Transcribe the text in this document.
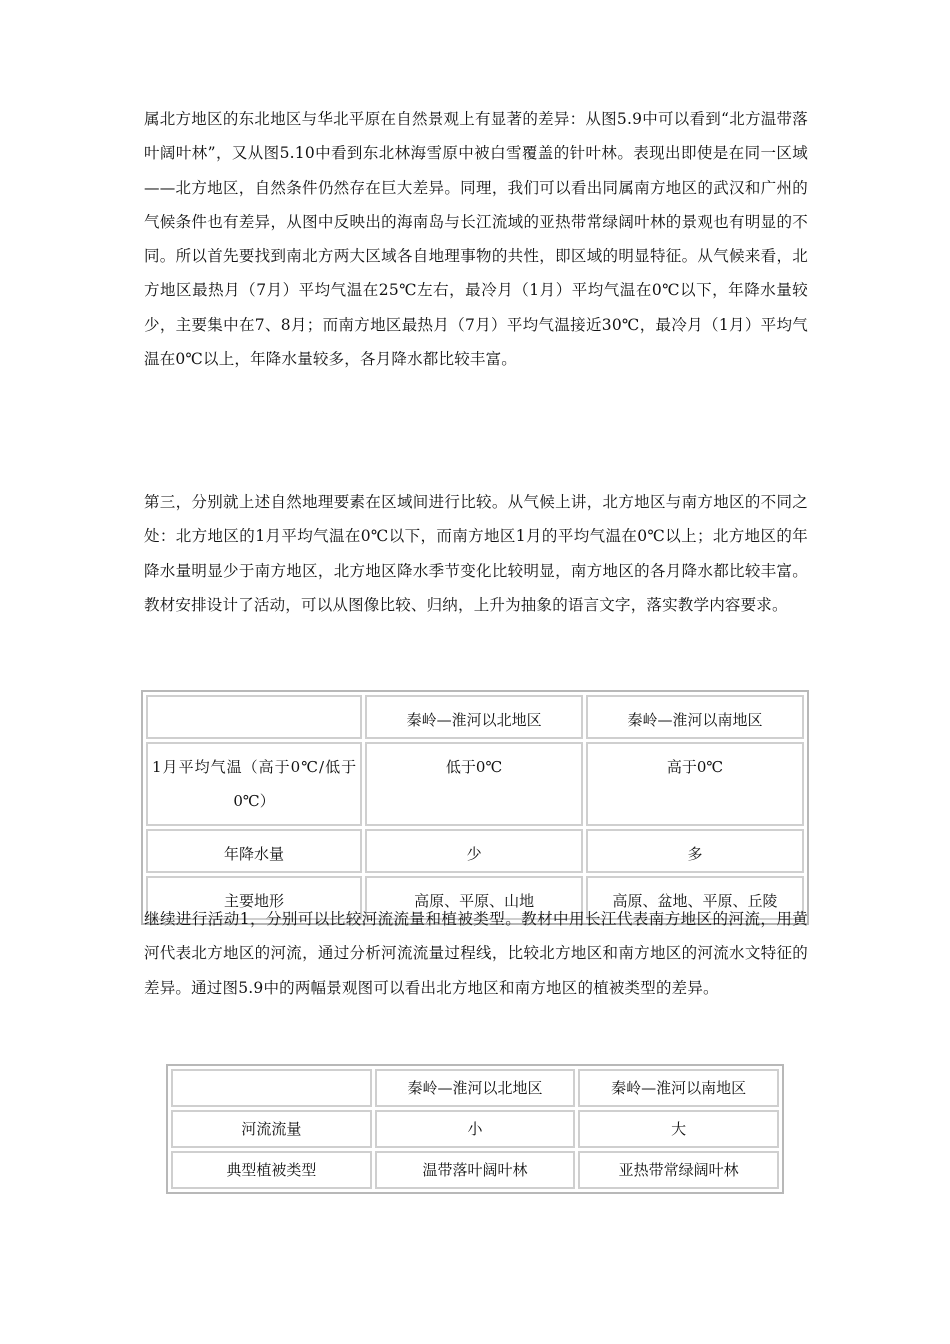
属北方地区的东北地区与华北平原在自然景观上有显著的差异：从图5.9中可以看到“北方温带落叶阔叶林”，又从图5.10中看到东北林海雪原中被白雪覆盖的针叶林。表现出即使是在同一区域——北方地区，自然条件仍然存在巨大差异。同理，我们可以看出同属南方地区的武汉和广州的气候条件也有差异，从图中反映出的海南岛与长江流域的亚热带常绿阔叶林的景观也有明显的不同。所以首先要找到南北方两大区域各自地理事物的共性，即区域的明显特征。从气候来看，北方地区最热月（7月）平均气温在25℃左右，最冷月（1月）平均气温在0℃以下，年降水量较少，主要集中在7、8月；而南方地区最热月（7月）平均气温接近30℃，最冷月（1月）平均气温在0℃以上，年降水量较多，各月降水都比较丰富。

第三，分别就上述自然地理要素在区域间进行比较。从气候上讲，北方地区与南方地区的不同之处：北方地区的1月平均气温在0℃以下，而南方地区1月的平均气温在0℃以上；北方地区的年降水量明显少于南方地区，北方地区降水季节变化比较明显，南方地区的各月降水都比较丰富。教材安排设计了活动，可以从图像比较、归纳，上升为抽象的语言文字，落实教学内容要求。

	秦岭—淮河以北地区	秦岭—淮河以南地区
1月平均气温（高于0℃/低于0℃）	低于0℃	高于0℃
年降水量	少	多
主要地形	高原、平原、山地	高原、盆地、平原、丘陵

继续进行活动1，分别可以比较河流流量和植被类型。教材中用长江代表南方地区的河流，用黄河代表北方地区的河流，通过分析河流流量过程线，比较北方地区和南方地区的河流水文特征的差异。通过图5.9中的两幅景观图可以看出北方地区和南方地区的植被类型的差异。

	秦岭—淮河以北地区	秦岭—淮河以南地区
河流流量	小	大
典型植被类型	温带落叶阔叶林	亚热带常绿阔叶林
